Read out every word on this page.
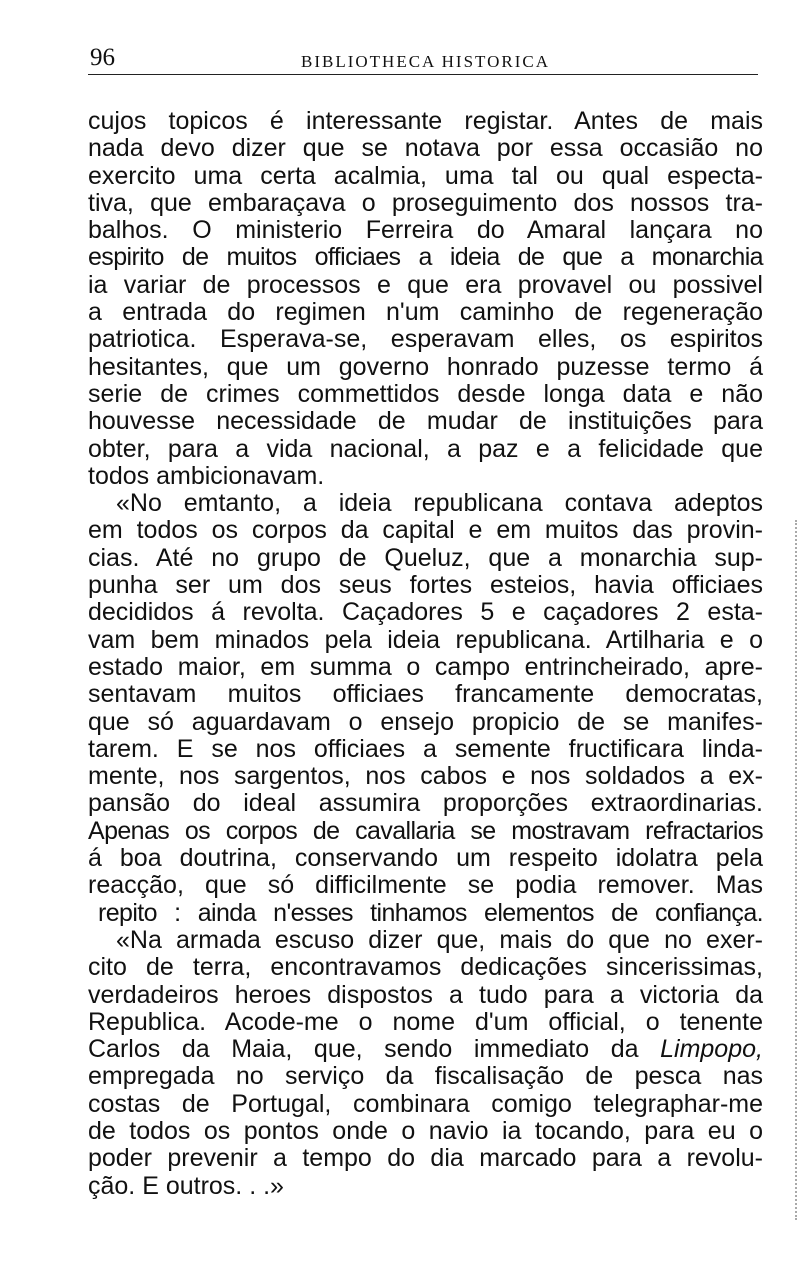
96	BIBLIOTHECA HISTORICA
cujos topicos é interessante registar. Antes de mais
nada devo dizer que se notava por essa occasião no
exercito uma certa acalmia, uma tal ou qual especta-
tiva, que embaraçava o proseguimento dos nossos tra-
balhos. O ministerio Ferreira do Amaral lançara no
espirito de muitos officiaes a ideia de que a monarchia
ia variar de processos e que era provavel ou possivel
a entrada do regimen n'um caminho de regeneração
patriotica. Esperava-se, esperavam elles, os espiritos
hesitantes, que um governo honrado puzesse termo á
serie de crimes commettidos desde longa data e não
houvesse necessidade de mudar de instituições para
obter, para a vida nacional, a paz e a felicidade que
todos ambicionavam.
«No emtanto, a ideia republicana contava adeptos
em todos os corpos da capital e em muitos das provin-
cias. Até no grupo de Queluz, que a monarchia sup-
punha ser um dos seus fortes esteios, havia officiaes
decididos á revolta. Caçadores 5 e caçadores 2 esta-
vam bem minados pela ideia republicana. Artilharia e o
estado maior, em summa o campo entrincheirado, apre-
sentavam muitos officiaes francamente democratas,
que só aguardavam o ensejo propicio de se manifes-
tarem. E se nos officiaes a semente fructificara linda-
mente, nos sargentos, nos cabos e nos soldados a ex-
pansão do ideal assumira proporções extraordinarias.
Apenas os corpos de cavallaria se mostravam refractarios
á boa doutrina, conservando um respeito idolatra pela
reacção, que só difficilmente se podia remover. Mas
repito : ainda n'esses tinhamos elementos de confiança.
«Na armada escuso dizer que, mais do que no exer-
cito de terra, encontravamos dedicações sincerissimas,
verdadeiros heroes dispostos a tudo para a victoria da
Republica. Acode-me o nome d'um official, o tenente
Carlos da Maia, que, sendo immediato da Limpopo,
empregada no serviço da fiscalisação de pesca nas
costas de Portugal, combinara comigo telegraphar-me
de todos os pontos onde o navio ia tocando, para eu o
poder prevenir a tempo do dia marcado para a revolu-
ção. E outros. . .»
